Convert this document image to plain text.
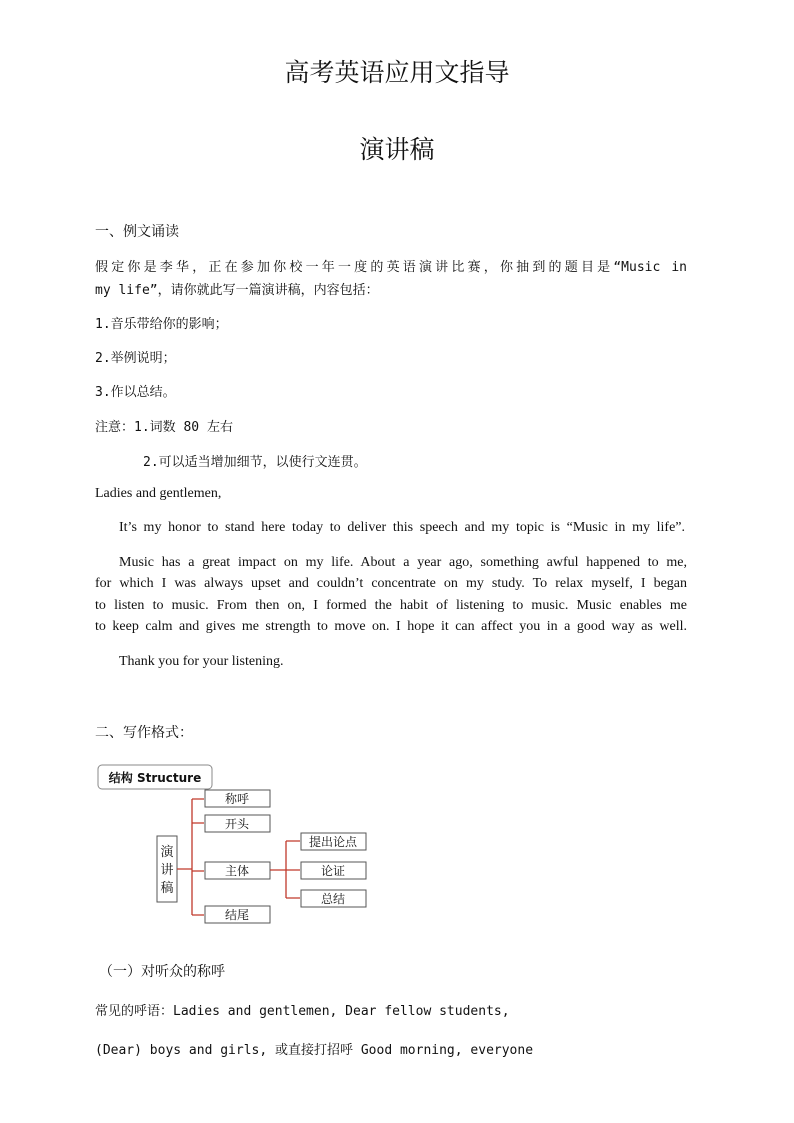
高考英语应用文指导
演讲稿
一、例文诵读
假定你是李华，正在参加你校一年一度的英语演讲比赛，你抽到的题目是“Music in
my life”，请你就此写一篇演讲稿，内容包括：
1.音乐带给你的影响；
2.举例说明；
3.作以总结。
注意：1.词数 80 左右
2.可以适当增加细节，以使行文连贯。
Ladies and gentlemen,
It’s my honor to stand here today to deliver this speech and my topic is “Music in my life”.
Music has a great impact on my life. About a year ago, something awful happened to me,
for which I was always upset and couldn’t concentrate on my study. To relax myself, I began
to listen to music. From then on, I formed the habit of listening to music. Music enables me
to keep calm and gives me strength to move on. I hope it can affect you in a good way as well.
Thank you for your listening.
二、写作格式：
结构 Structure
演
讲
稿
称呼
开头
主体
结尾
提出论点
论证
总结
（一）对听众的称呼
常见的呼语：Ladies and gentlemen, Dear fellow students,
(Dear) boys and girls, 或直接打招呼 Good morning, everyone
